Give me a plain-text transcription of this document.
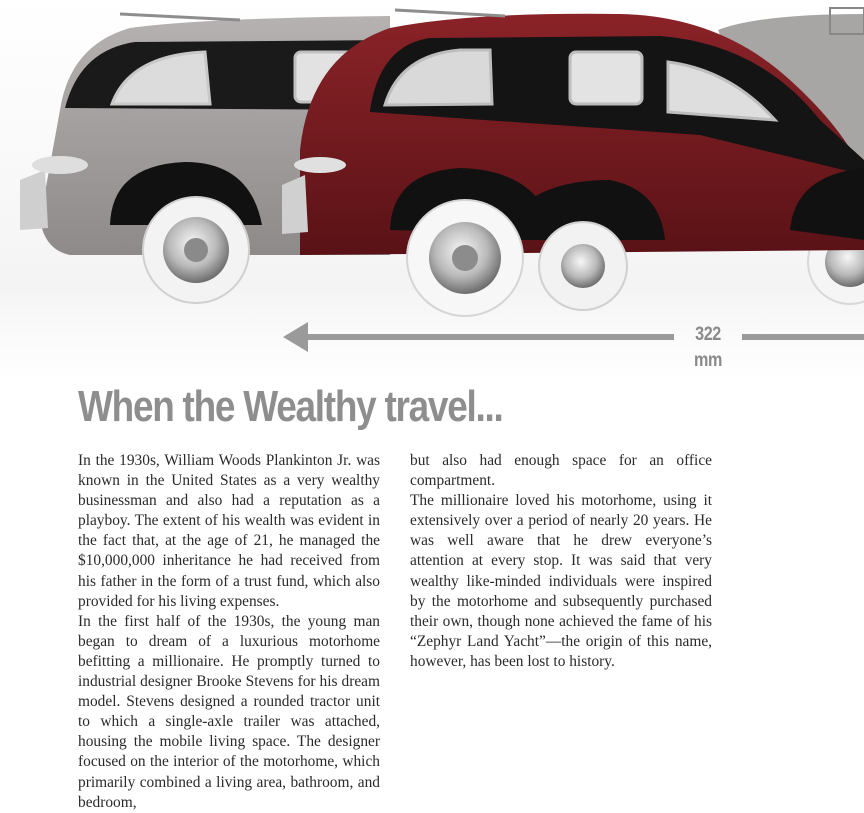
322 mm
When the Wealthy travel...

In the 1930s, William Woods Plankinton Jr. was known in the United States as a very wealthy businessman and also had a reputation as a playboy. The extent of his wealth was evident in the fact that, at the age of 21, he managed the $10,000,000 inheritance he had received from his father in the form of a trust fund, which also provided for his living expenses.

In the first half of the 1930s, the young man began to dream of a luxurious motorhome befitting a millionaire. He promptly turned to industrial designer Brooke Stevens for his dream model. Stevens designed a rounded tractor unit to which a single-axle trailer was attached, housing the mobile living space. The designer focused on the interior of the motorhome, which primarily combined a living area, bathroom, and bedroom,

but also had enough space for an office compartment.

The millionaire loved his motorhome, using it extensively over a period of nearly 20 years. He was well aware that he drew everyone’s attention at every stop. It was said that very wealthy like-minded individuals were inspired by the motorhome and subsequently purchased their own, though none achieved the fame of his “Zephyr Land Yacht”—the origin of this name, however, has been lost to history.
